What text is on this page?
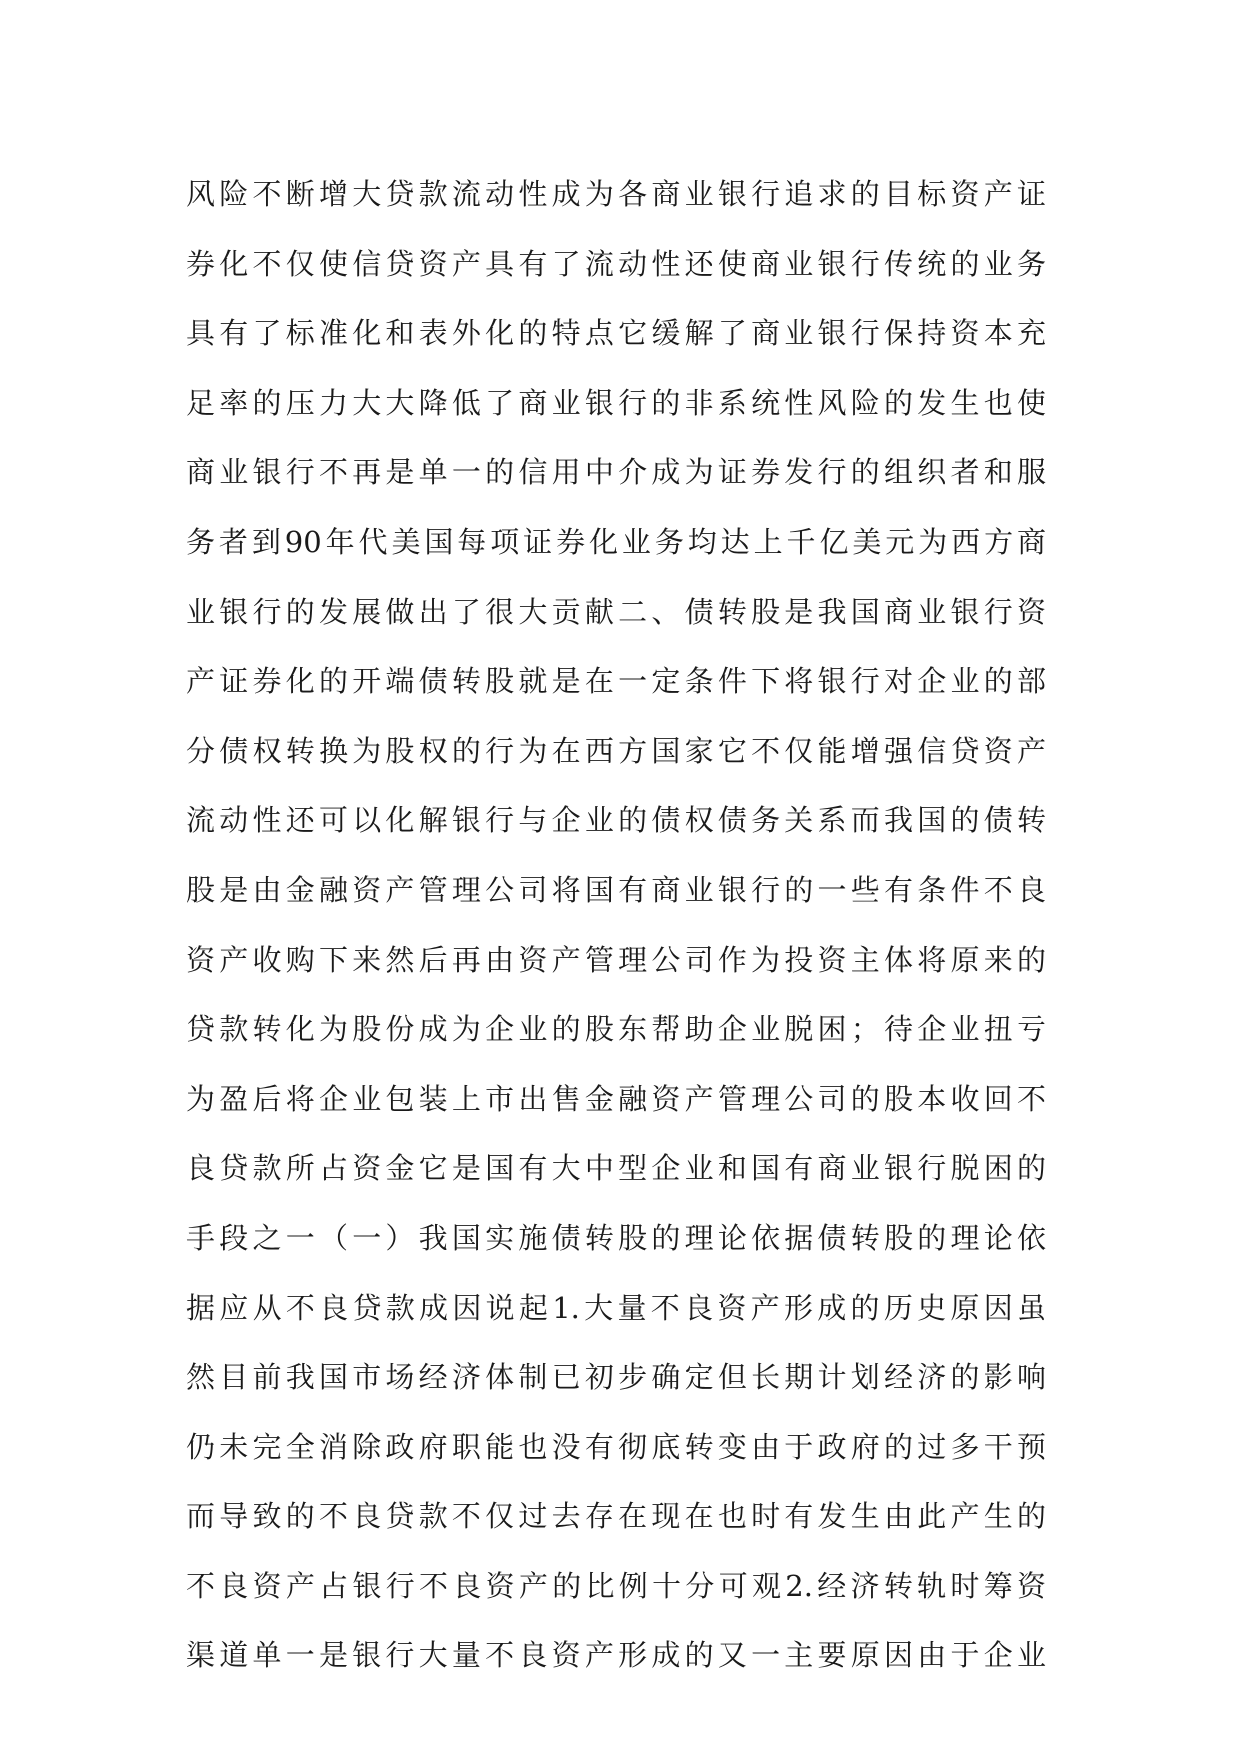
风险不断增大贷款流动性成为各商业银行追求的目标资产证
券化不仅使信贷资产具有了流动性还使商业银行传统的业务
具有了标准化和表外化的特点它缓解了商业银行保持资本充
足率的压力大大降低了商业银行的非系统性风险的发生也使
商业银行不再是单一的信用中介成为证券发行的组织者和服
务者到90年代美国每项证券化业务均达上千亿美元为西方商
业银行的发展做出了很大贡献二、债转股是我国商业银行资
产证券化的开端债转股就是在一定条件下将银行对企业的部
分债权转换为股权的行为在西方国家它不仅能增强信贷资产
流动性还可以化解银行与企业的债权债务关系而我国的债转
股是由金融资产管理公司将国有商业银行的一些有条件不良
资产收购下来然后再由资产管理公司作为投资主体将原来的
贷款转化为股份成为企业的股东帮助企业脱困；待企业扭亏
为盈后将企业包装上市出售金融资产管理公司的股本收回不
良贷款所占资金它是国有大中型企业和国有商业银行脱困的
手段之一（一）我国实施债转股的理论依据债转股的理论依
据应从不良贷款成因说起1.大量不良资产形成的历史原因虽
然目前我国市场经济体制已初步确定但长期计划经济的影响
仍未完全消除政府职能也没有彻底转变由于政府的过多干预
而导致的不良贷款不仅过去存在现在也时有发生由此产生的
不良资产占银行不良资产的比例十分可观2.经济转轨时筹资
渠道单一是银行大量不良资产形成的又一主要原因由于企业
